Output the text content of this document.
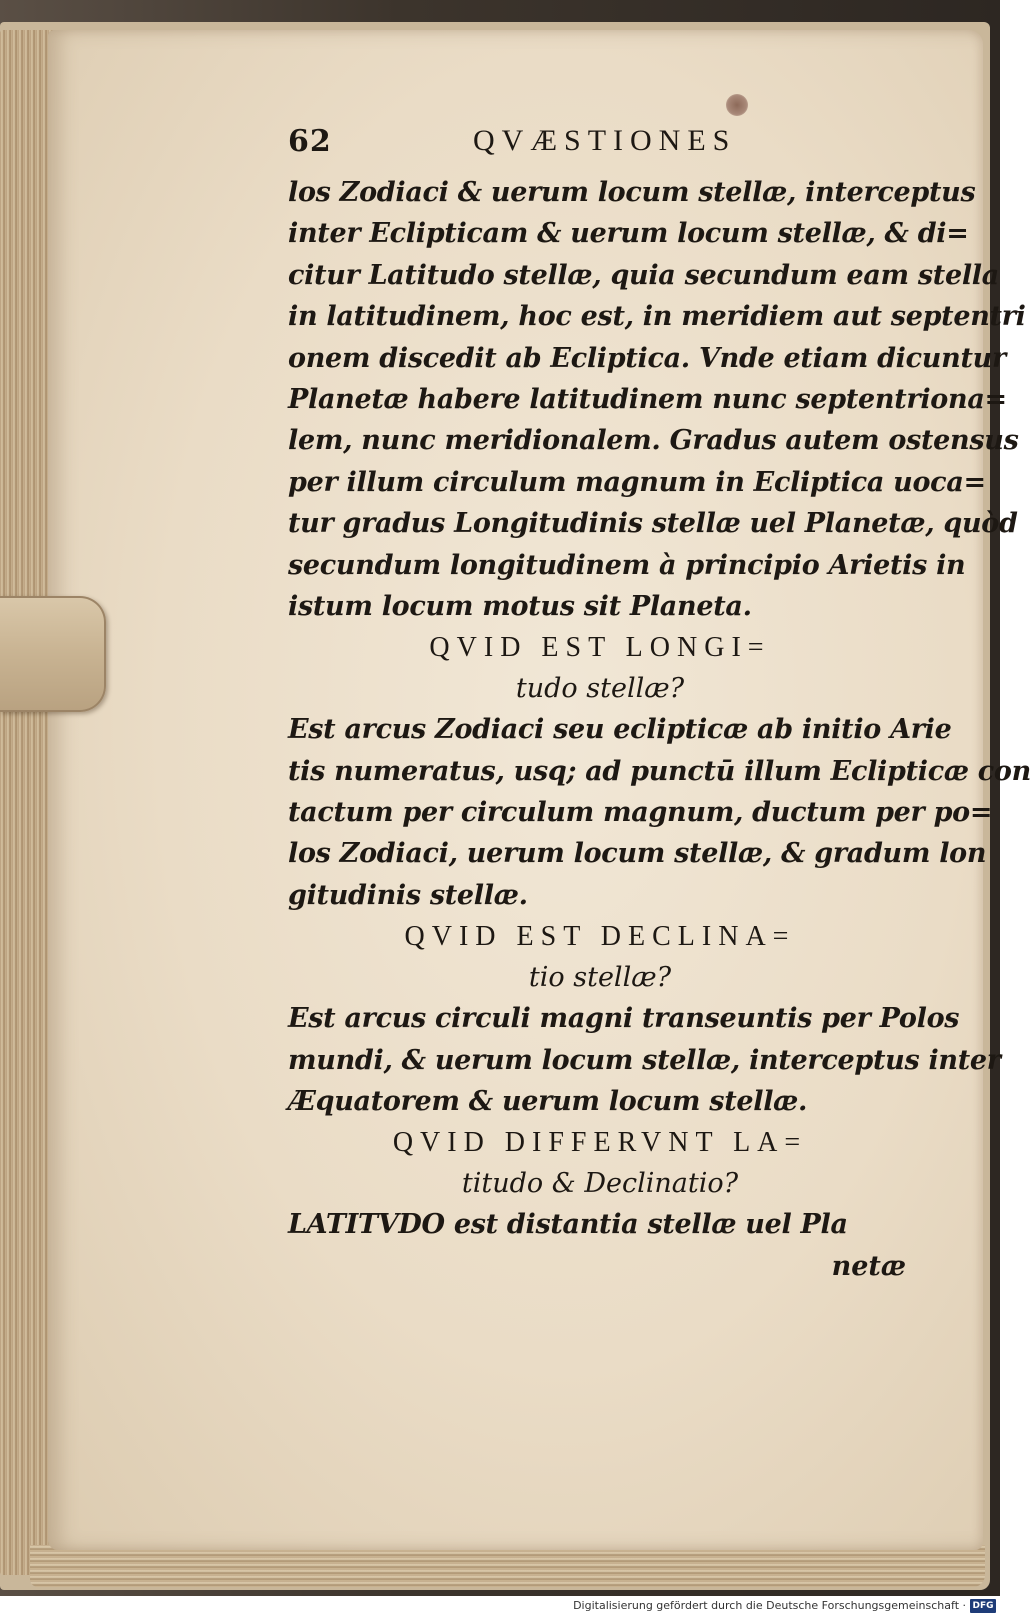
62	QVÆSTIONES
los Zodiaci & uerum locum stellæ, interceptus
inter Eclipticam & uerum locum stellæ, & di=
citur Latitudo stellæ, quia secundum eam stella
in latitudinem, hoc est, in meridiem aut septentri
onem discedit ab Ecliptica. Vnde etiam dicuntur
Planetæ habere latitudinem nunc septentriona=
lem, nunc meridionalem. Gradus autem ostensus
per illum circulum magnum in Ecliptica uoca=
tur gradus Longitudinis stellæ uel Planetæ, quòd
secundum longitudinem à principio Arietis in
istum locum motus sit Planeta.
QVID EST LONGI=
tudo stellæ?
Est arcus Zodiaci seu eclipticæ ab initio Arie
tis numeratus, usq; ad punctū illum Eclipticæ con
tactum per circulum magnum, ductum per po=
los Zodiaci, uerum locum stellæ, & gradum lon
gitudinis stellæ.
QVID EST DECLINA=
tio stellæ?
Est arcus circuli magni transeuntis per Polos
mundi, & uerum locum stellæ, interceptus inter
Æquatorem & uerum locum stellæ.
QVID DIFFERVNT LA=
titudo & Declinatio?
LATITVDO est distantia stellæ uel Pla
netæ
Digitalisierung gefördert durch die Deutsche Forschungsgemeinschaft · DFG
